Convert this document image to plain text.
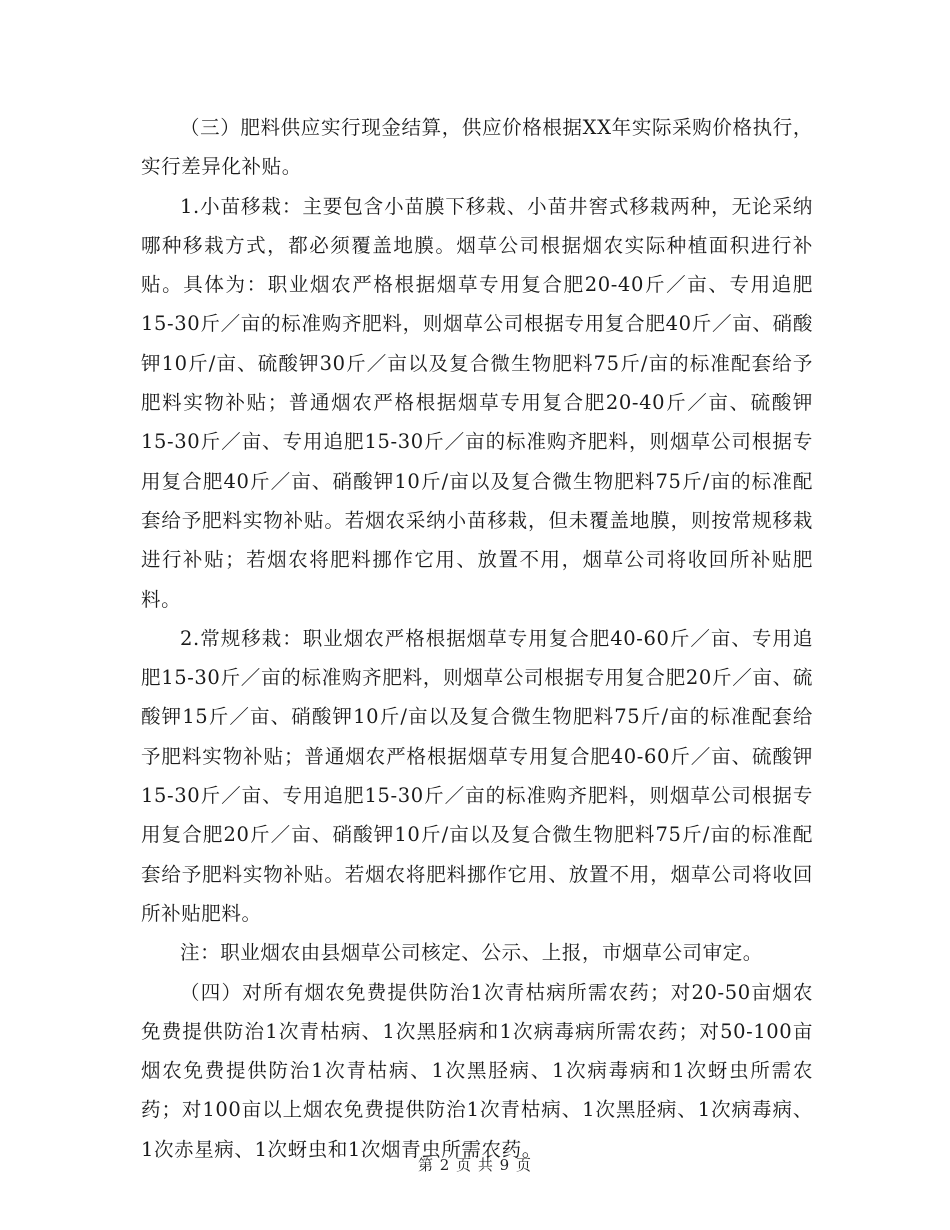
（三）肥料供应实行现金结算，供应价格根据XX年实际采购价格执行，实行差异化补贴。

1.小苗移栽：主要包含小苗膜下移栽、小苗井窖式移栽两种，无论采纳哪种移栽方式，都必须覆盖地膜。烟草公司根据烟农实际种植面积进行补贴。具体为：职业烟农严格根据烟草专用复合肥20-40斤／亩、专用追肥15-30斤／亩的标准购齐肥料，则烟草公司根据专用复合肥40斤／亩、硝酸钾10斤/亩、硫酸钾30斤／亩以及复合微生物肥料75斤/亩的标准配套给予肥料实物补贴；普通烟农严格根据烟草专用复合肥20-40斤／亩、硫酸钾15-30斤／亩、专用追肥15-30斤／亩的标准购齐肥料，则烟草公司根据专用复合肥40斤／亩、硝酸钾10斤/亩以及复合微生物肥料75斤/亩的标准配套给予肥料实物补贴。若烟农采纳小苗移栽，但未覆盖地膜，则按常规移栽进行补贴；若烟农将肥料挪作它用、放置不用，烟草公司将收回所补贴肥料。

2.常规移栽：职业烟农严格根据烟草专用复合肥40-60斤／亩、专用追肥15-30斤／亩的标准购齐肥料，则烟草公司根据专用复合肥20斤／亩、硫酸钾15斤／亩、硝酸钾10斤/亩以及复合微生物肥料75斤/亩的标准配套给予肥料实物补贴；普通烟农严格根据烟草专用复合肥40-60斤／亩、硫酸钾15-30斤／亩、专用追肥15-30斤／亩的标准购齐肥料，则烟草公司根据专用复合肥20斤／亩、硝酸钾10斤/亩以及复合微生物肥料75斤/亩的标准配套给予肥料实物补贴。若烟农将肥料挪作它用、放置不用，烟草公司将收回所补贴肥料。

注：职业烟农由县烟草公司核定、公示、上报，市烟草公司审定。

（四）对所有烟农免费提供防治1次青枯病所需农药；对20-50亩烟农免费提供防治1次青枯病、1次黑胫病和1次病毒病所需农药；对50-100亩烟农免费提供防治1次青枯病、1次黑胫病、1次病毒病和1次蚜虫所需农药；对100亩以上烟农免费提供防治1次青枯病、1次黑胫病、1次病毒病、1次赤星病、1次蚜虫和1次烟青虫所需农药。

第 2 页 共 9 页
